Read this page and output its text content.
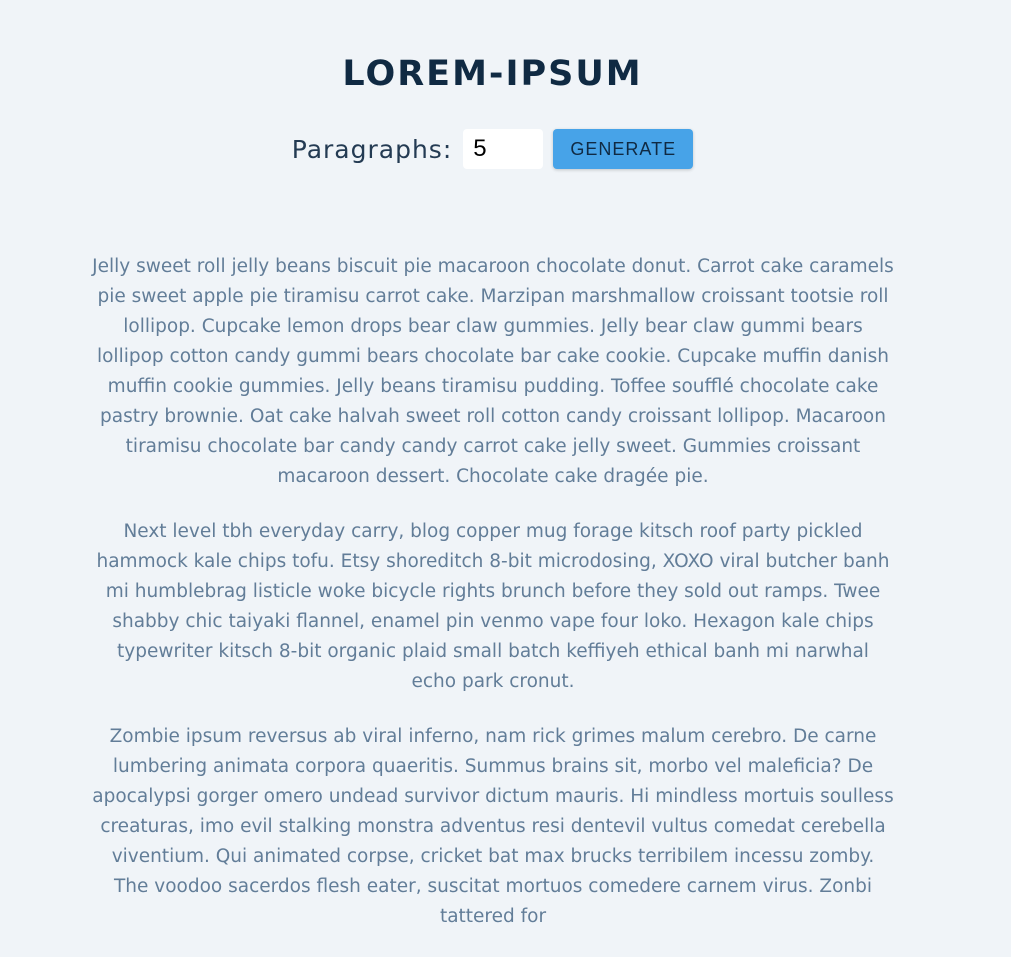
LOREM-IPSUM
Paragraphs:
5	GENERATE

Jelly sweet roll jelly beans biscuit pie macaroon chocolate donut. Carrot cake caramels pie sweet apple pie tiramisu carrot cake. Marzipan marshmallow croissant tootsie roll lollipop. Cupcake lemon drops bear claw gummies. Jelly bear claw gummi bears lollipop cotton candy gummi bears chocolate bar cake cookie. Cupcake muffin danish muffin cookie gummies. Jelly beans tiramisu pudding. Toffee soufflé chocolate cake pastry brownie. Oat cake halvah sweet roll cotton candy croissant lollipop. Macaroon tiramisu chocolate bar candy candy carrot cake jelly sweet. Gummies croissant macaroon dessert. Chocolate cake dragée pie.

Next level tbh everyday carry, blog copper mug forage kitsch roof party pickled hammock kale chips tofu. Etsy shoreditch 8-bit microdosing, XOXO viral butcher banh mi humblebrag listicle woke bicycle rights brunch before they sold out ramps. Twee shabby chic taiyaki flannel, enamel pin venmo vape four loko. Hexagon kale chips typewriter kitsch 8-bit organic plaid small batch keffiyeh ethical banh mi narwhal echo park cronut.

Zombie ipsum reversus ab viral inferno, nam rick grimes malum cerebro. De carne lumbering animata corpora quaeritis. Summus brains sit, morbo vel maleficia? De apocalypsi gorger omero undead survivor dictum mauris. Hi mindless mortuis soulless creaturas, imo evil stalking monstra adventus resi dentevil vultus comedat cerebella viventium. Qui animated corpse, cricket bat max brucks terribilem incessu zomby. The voodoo sacerdos flesh eater, suscitat mortuos comedere carnem virus. Zonbi tattered for
